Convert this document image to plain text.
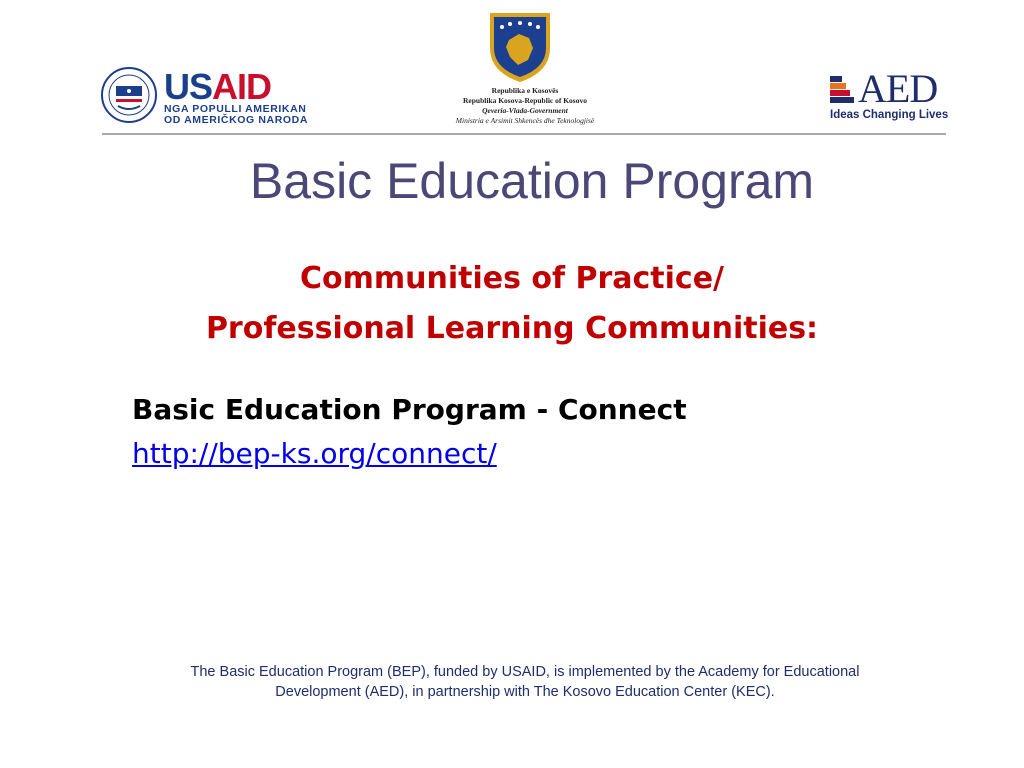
USAID
NGA POPULLI AMERIKAN
OD AMERIČKOG NARODA
Republika e Kosovës
Republika Kosova-Republic of Kosovo
Qeveria-Vlada-Government
Ministria e Arsimit Shkencës dhe Teknologjisë
AED
Ideas Changing Lives
Basic Education Program
Communities of Practice/
Professional Learning Communities:
Basic Education Program - Connect
http://bep-ks.org/connect/
The Basic Education Program (BEP), funded by USAID, is implemented by the Academy for Educational
Development (AED), in partnership with The Kosovo Education Center (KEC).
